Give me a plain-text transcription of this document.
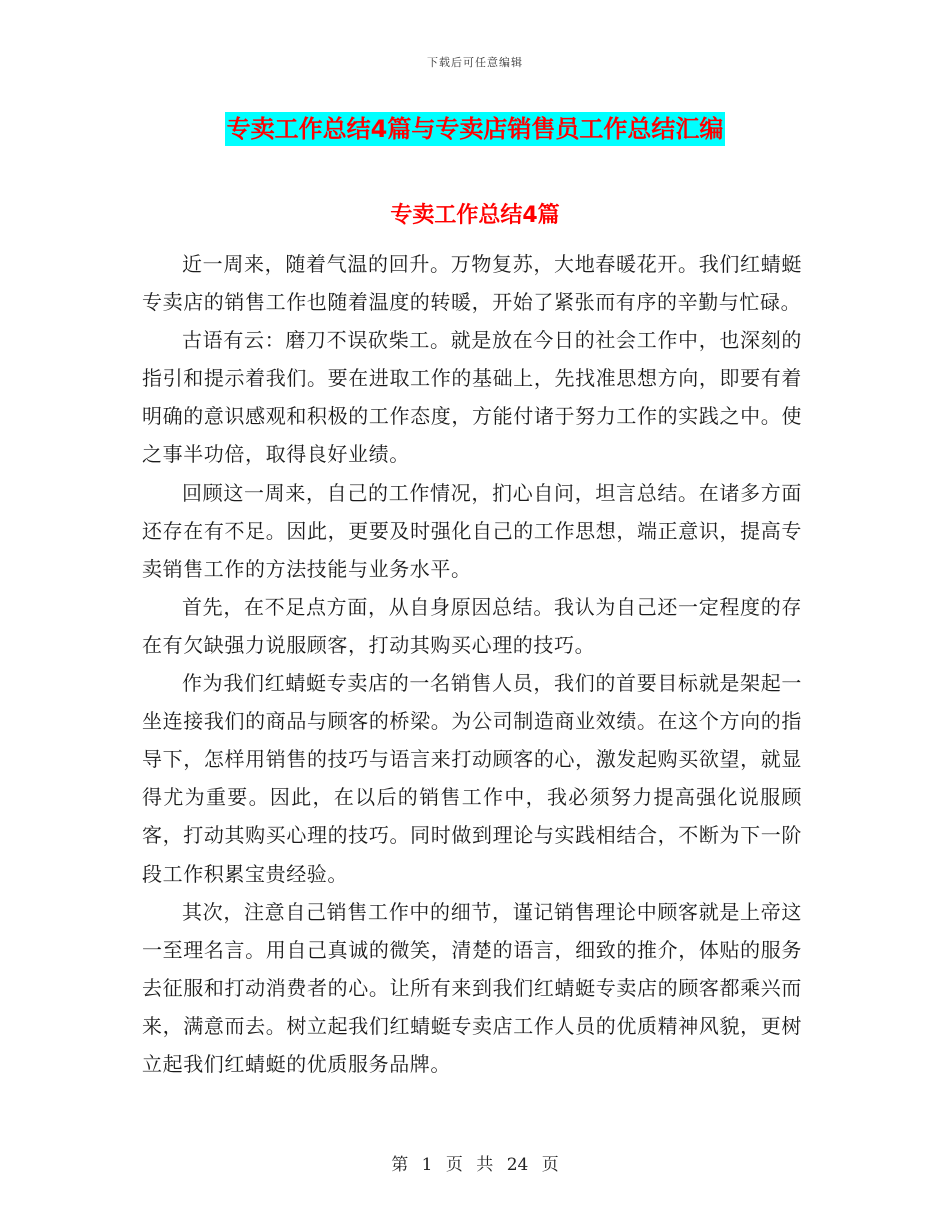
下载后可任意编辑
专卖工作总结4篇与专卖店销售员工作总结汇编
专卖工作总结4篇

近一周来，随着气温的回升。万物复苏，大地春暖花开。我们红蜻蜓专卖店的销售工作也随着温度的转暖，开始了紧张而有序的辛勤与忙碌。

古语有云：磨刀不误砍柴工。就是放在今日的社会工作中，也深刻的指引和提示着我们。要在进取工作的基础上，先找准思想方向，即要有着明确的意识感观和积极的工作态度，方能付诸于努力工作的实践之中。使之事半功倍，取得良好业绩。

回顾这一周来，自己的工作情况，扪心自问，坦言总结。在诸多方面还存在有不足。因此，更要及时强化自己的工作思想，端正意识，提高专卖销售工作的方法技能与业务水平。

首先，在不足点方面，从自身原因总结。我认为自己还一定程度的存在有欠缺强力说服顾客，打动其购买心理的技巧。

作为我们红蜻蜓专卖店的一名销售人员，我们的首要目标就是架起一坐连接我们的商品与顾客的桥梁。为公司制造商业效绩。在这个方向的指导下，怎样用销售的技巧与语言来打动顾客的心，激发起购买欲望，就显得尤为重要。因此，在以后的销售工作中，我必须努力提高强化说服顾客，打动其购买心理的技巧。同时做到理论与实践相结合，不断为下一阶段工作积累宝贵经验。

其次，注意自己销售工作中的细节，谨记销售理论中顾客就是上帝这一至理名言。用自己真诚的微笑，清楚的语言，细致的推介，体贴的服务去征服和打动消费者的心。让所有来到我们红蜻蜓专卖店的顾客都乘兴而来，满意而去。树立起我们红蜻蜓专卖店工作人员的优质精神风貌，更树立起我们红蜻蜓的优质服务品牌。

第 1 页 共 24 页
